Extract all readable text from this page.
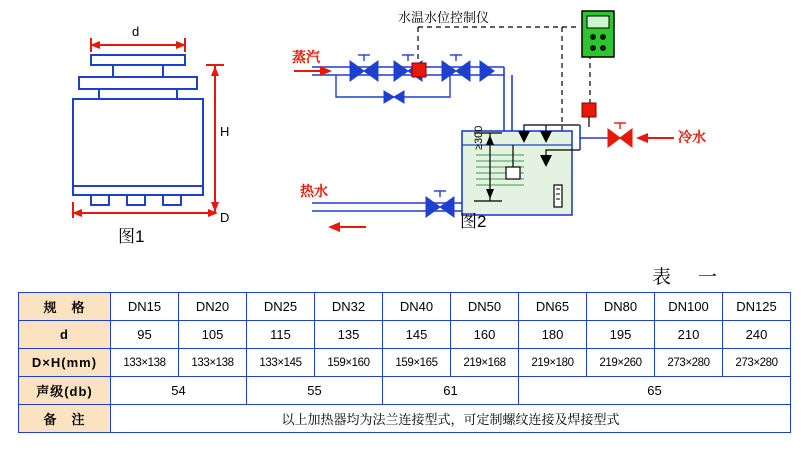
d
H
D
图1
水温水位控制仪
蒸汽
热水
冷水
≥300
图2
表　一
规　格	DN15	DN20	DN25	DN32	DN40	DN50	DN65	DN80	DN100	DN125
d	95	105	115	135	145	160	180	195	210	240
D×H(mm)	133×138	133×138	133×145	159×160	159×165	219×168	219×180	219×260	273×280	273×280
声级(db)	54		55		61		65			
备　注	以上加热器均为法兰连接型式，可定制螺纹连接及焊接型式									
